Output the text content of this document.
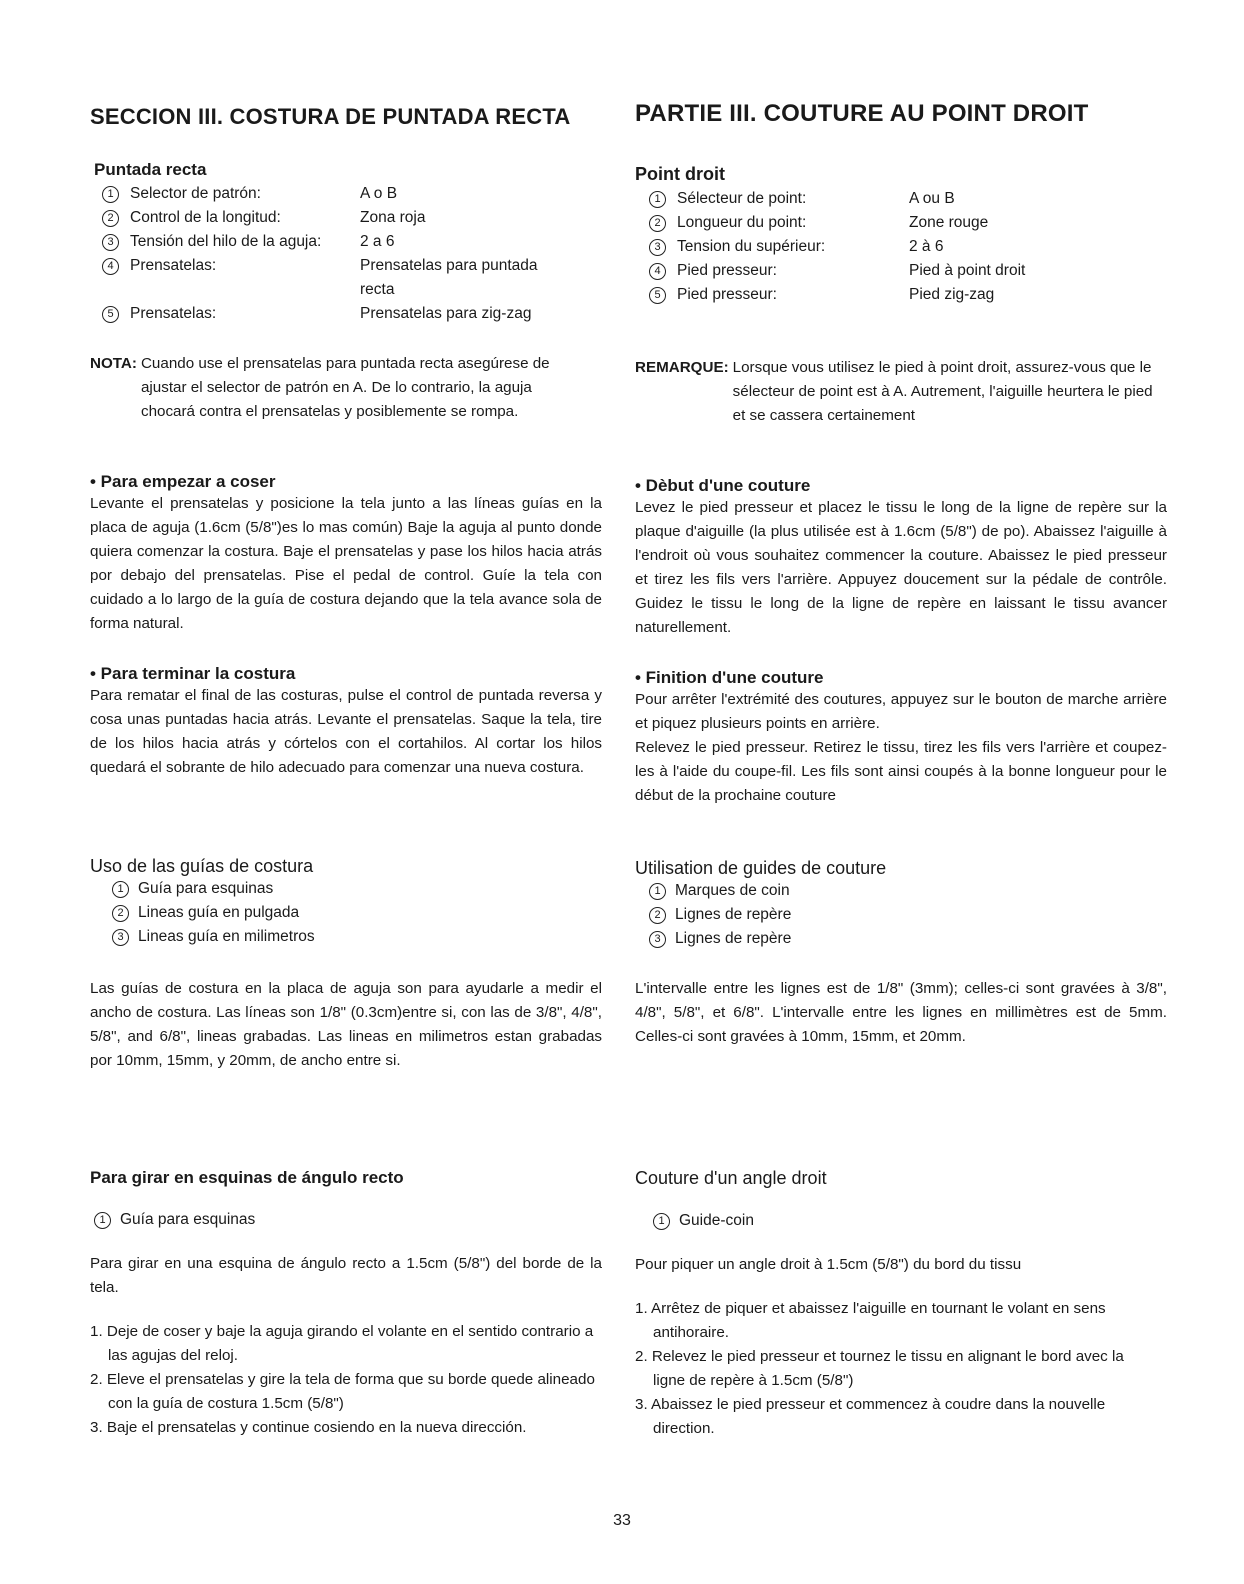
SECCION III. COSTURA DE PUNTADA RECTA
Puntada recta
1	Selector de patrón:	A o B
2	Control de la longitud:	Zona roja
3	Tensión del hilo de la aguja:	2 a 6
4	Prensatelas:	Prensatelas para puntada recta
5	Prensatelas:	Prensatelas para zig-zag
NOTA: Cuando use el prensatelas para puntada recta asegúrese de ajustar el selector de patrón en A. De lo contrario, la aguja chocará contra el prensatelas y posiblemente se rompa.
• Para empezar a coser
Levante el prensatelas y posicione la tela junto a las líneas guías en la placa de aguja (1.6cm (5/8")es lo mas común) Baje la aguja al punto donde quiera comenzar la costura. Baje el prensatelas y pase los hilos hacia atrás por debajo del prensatelas. Pise el pedal de control. Guíe la tela con cuidado a lo largo de la guía de costura dejando que la tela avance sola de forma natural.
• Para terminar la costura
Para rematar el final de las costuras, pulse el control de puntada reversa y cosa unas puntadas hacia atrás. Levante el prensatelas. Saque la tela, tire de los hilos hacia atrás y córtelos con el cortahilos. Al cortar los hilos quedará el sobrante de hilo adecuado para comenzar una nueva costura.
Uso de las guías de costura
1 Guía para esquinas
2 Lineas guía en pulgada
3 Lineas guía en milimetros
Las guías de costura en la placa de aguja son para ayudarle a medir el ancho de costura. Las líneas son 1/8" (0.3cm)entre si, con las de 3/8", 4/8", 5/8", and 6/8", lineas grabadas. Las lineas en milimetros estan grabadas por 10mm, 15mm, y 20mm, de ancho entre si.
Para girar en esquinas de ángulo recto
1 Guía para esquinas
Para girar en una esquina de ángulo recto a 1.5cm (5/8") del borde de la tela.
1. Deje de coser y baje la aguja girando el volante en el sentido contrario a las agujas del reloj.
2. Eleve el prensatelas y gire la tela de forma que su borde quede alineado con la guía de costura 1.5cm (5/8")
3. Baje el prensatelas y continue cosiendo en la nueva dirección.
PARTIE III. COUTURE AU POINT DROIT
Point droit
1	Sélecteur de point:	A ou B
2	Longueur du point:	Zone rouge
3	Tension du supérieur:	2 à 6
4	Pied presseur:	Pied à point droit
5	Pied presseur:	Pied zig-zag
REMARQUE: Lorsque vous utilisez le pied à point droit, assurez-vous que le sélecteur de point est à A. Autrement, l'aiguille heurtera le pied et se cassera certainement
• Dèbut d'une couture
Levez le pied presseur et placez le tissu le long de la ligne de repère sur la plaque d'aiguille (la plus utilisée est à 1.6cm (5/8") de po). Abaissez l'aiguille à l'endroit où vous souhaitez commencer la couture. Abaissez le pied presseur et tirez les fils vers l'arrière. Appuyez doucement sur la pédale de contrôle. Guidez le tissu le long de la ligne de repère en laissant le tissu avancer naturellement.
• Finition d'une couture
Pour arrêter l'extrémité des coutures, appuyez sur le bouton de marche arrière et piquez plusieurs points en arrière.
Relevez le pied presseur. Retirez le tissu, tirez les fils vers l'arrière et coupez-les à l'aide du coupe-fil. Les fils sont ainsi coupés à la bonne longueur pour le début de la prochaine couture
Utilisation de guides de couture
1 Marques de coin
2 Lignes de repère
3 Lignes de repère
L'intervalle entre les lignes est de 1/8" (3mm); celles-ci sont gravées à 3/8", 4/8", 5/8", et 6/8". L'intervalle entre les lignes en millimètres est de 5mm. Celles-ci sont gravées à 10mm, 15mm, et 20mm.
Couture d'un angle droit
1 Guide-coin
Pour piquer un angle droit à 1.5cm (5/8") du bord du tissu
1. Arrêtez de piquer et abaissez l'aiguille en tournant le volant en sens antihoraire.
2. Relevez le pied presseur et tournez le tissu en alignant le bord avec la ligne de repère à 1.5cm (5/8")
3. Abaissez le pied presseur et commencez à coudre dans la nouvelle direction.
33
